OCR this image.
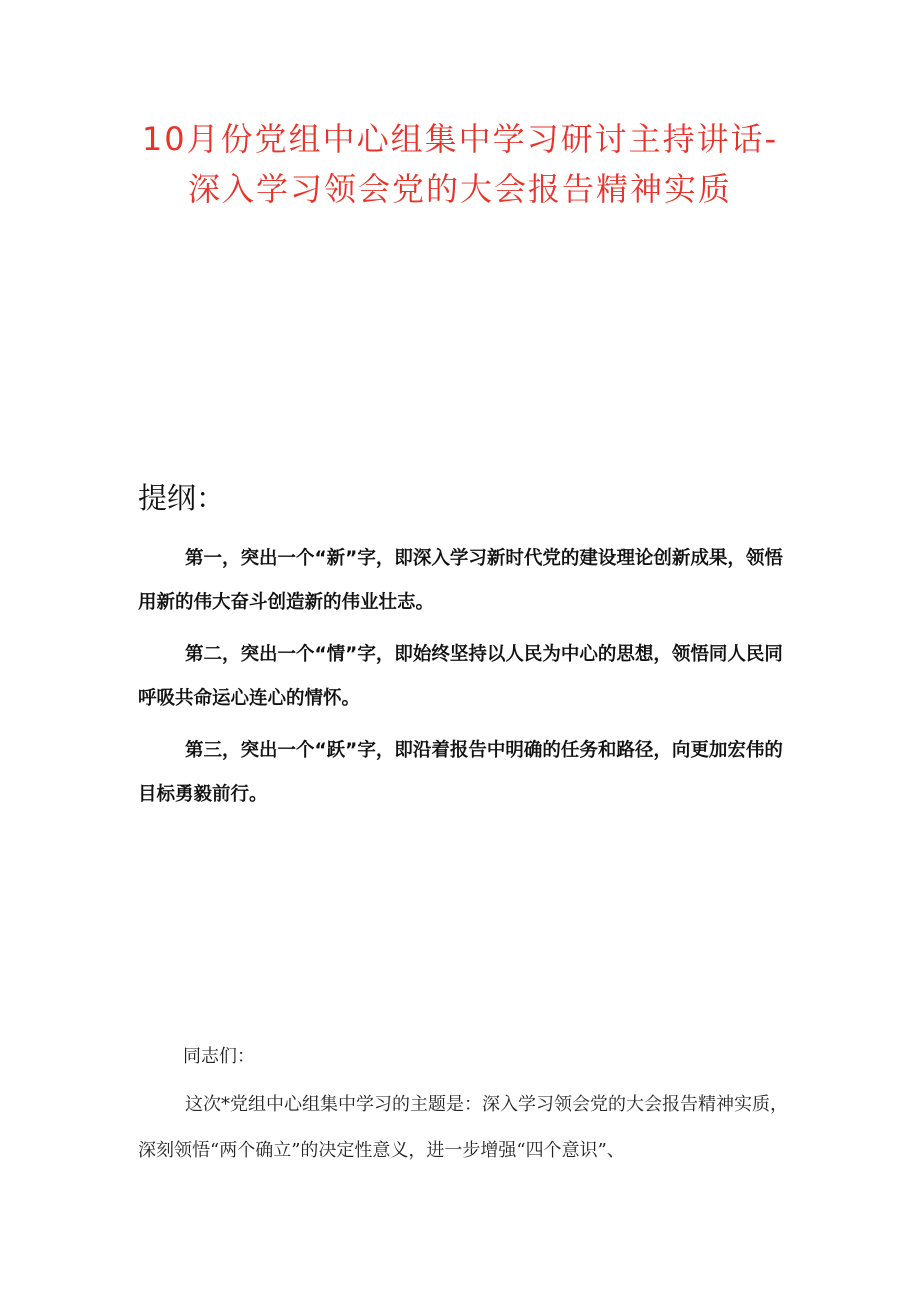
10月份党组中心组集中学习研讨主持讲话-
深入学习领会党的大会报告精神实质
提纲：

第一，突出一个“新”字，即深入学习新时代党的建设理论创新成果，领悟用新的伟大奋斗创造新的伟业壮志。

第二，突出一个“情”字，即始终坚持以人民为中心的思想，领悟同人民同呼吸共命运心连心的情怀。

第三，突出一个“跃”字，即沿着报告中明确的任务和路径，向更加宏伟的目标勇毅前行。

同志们：

这次*党组中心组集中学习的主题是：深入学习领会党的大会报告精神实质，深刻领悟“两个确立”的决定性意义，进一步增强“四个意识”、
